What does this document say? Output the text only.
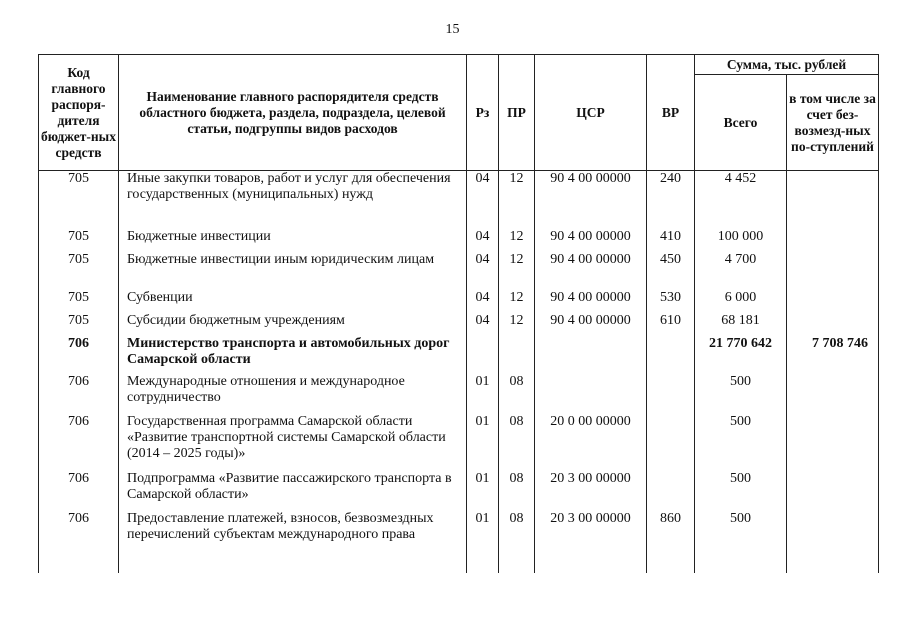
15
Код главного распоря-дителя бюджет-ных средств	Наименование главного распорядителя средств областного бюджета, раздела, подраздела, целевой статьи, подгруппы видов расходов	Рз	ПР	ЦСР	ВР	Сумма, тыс. рублей	
						Всего	в том числе за счет без-возмезд-ных по-ступлений
705	Иные закупки товаров, работ и услуг для обеспечения государственных (муниципальных) нужд	04	12	90 4 00 00000	240	4 452	
705	Бюджетные инвестиции	04	12	90 4 00 00000	410	100 000	
705	Бюджетные инвестиции иным юридическим лицам	04	12	90 4 00 00000	450	4 700	
705	Субвенции	04	12	90 4 00 00000	530	6 000	
705	Субсидии бюджетным учреждениям	04	12	90 4 00 00000	610	68 181	
706	Министерство транспорта и автомобильных дорог Самарской области					21 770 642	7 708 746
706	Международные отношения и международное сотрудничество	01	08			500	
706	Государственная программа Самарской области «Развитие транспортной системы Самарской области (2014 – 2025 годы)»	01	08	20 0 00 00000		500	
706	Подпрограмма «Развитие пассажирского транспорта в Самарской области»	01	08	20 3 00 00000		500	
706	Предоставление платежей, взносов, безвозмездных перечислений субъектам международного права	01	08	20 3 00 00000	860	500	
